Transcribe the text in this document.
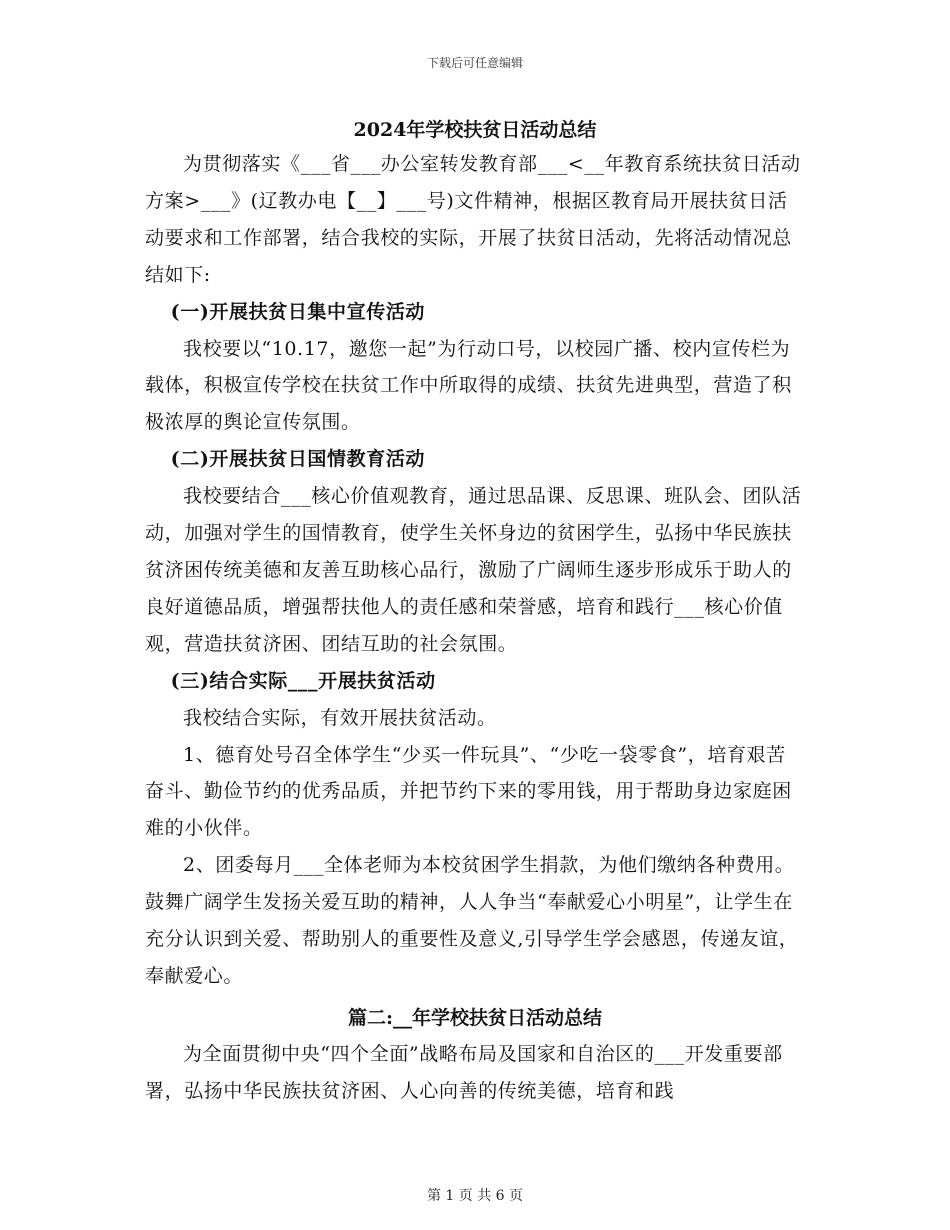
下载后可任意编辑
2024年学校扶贫日活动总结

为贯彻落实《___省___办公室转发教育部___<__年教育系统扶贫日活动方案>___》(辽教办电【__】___号)文件精神，根据区教育局开展扶贫日活动要求和工作部署，结合我校的实际，开展了扶贫日活动，先将活动情况总结如下:

(一)开展扶贫日集中宣传活动

我校要以“10.17，邀您一起”为行动口号，以校园广播、校内宣传栏为载体，积极宣传学校在扶贫工作中所取得的成绩、扶贫先进典型，营造了积极浓厚的舆论宣传氛围。

(二)开展扶贫日国情教育活动

我校要结合___核心价值观教育，通过思品课、反思课、班队会、团队活动，加强对学生的国情教育，使学生关怀身边的贫困学生，弘扬中华民族扶贫济困传统美德和友善互助核心品行，激励了广阔师生逐步形成乐于助人的良好道德品质，增强帮扶他人的责任感和荣誉感，培育和践行___核心价值观，营造扶贫济困、团结互助的社会氛围。

(三)结合实际___开展扶贫活动

我校结合实际，有效开展扶贫活动。

1、德育处号召全体学生“少买一件玩具”、“少吃一袋零食”，培育艰苦奋斗、勤俭节约的优秀品质，并把节约下来的零用钱，用于帮助身边家庭困难的小伙伴。

2、团委每月___全体老师为本校贫困学生捐款，为他们缴纳各种费用。鼓舞广阔学生发扬关爱互助的精神，人人争当“奉献爱心小明星”，让学生在充分认识到关爱、帮助别人的重要性及意义,引导学生学会感恩，传递友谊，奉献爱心。

篇二:__年学校扶贫日活动总结

为全面贯彻中央“四个全面”战略布局及国家和自治区的___开发重要部署，弘扬中华民族扶贫济困、人心向善的传统美德，培育和践

第 1 页 共 6 页
